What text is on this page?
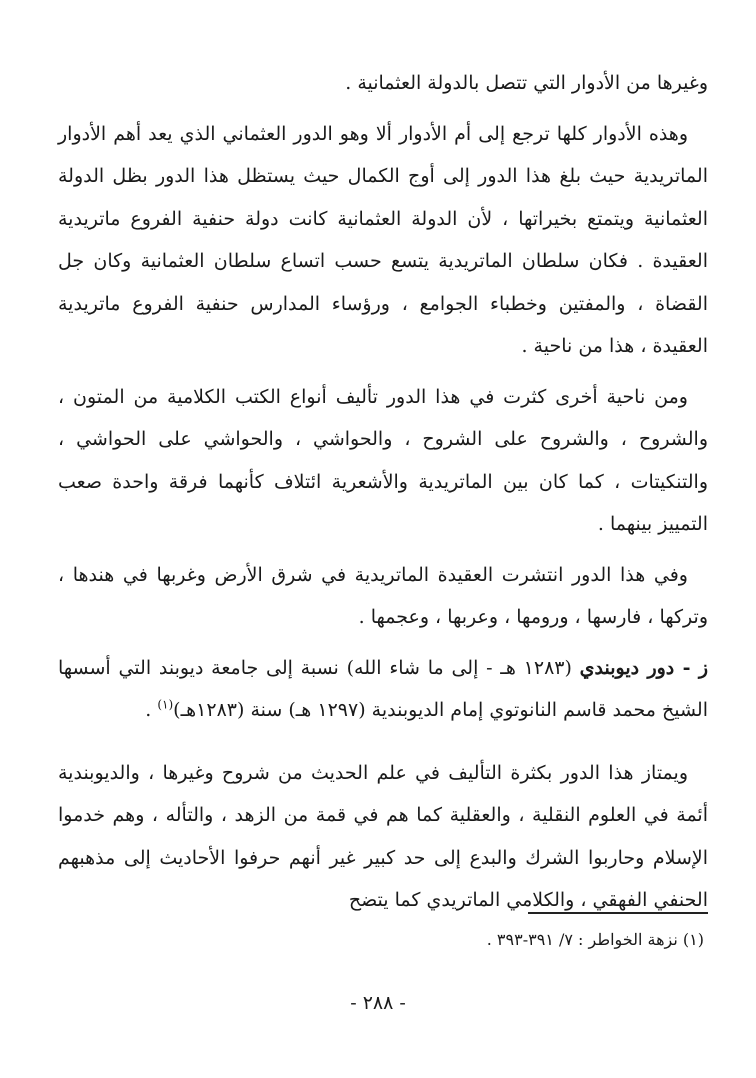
وغيرها من الأدوار التي تتصل بالدولة العثمانية .

وهذه الأدوار كلها ترجع إلى أم الأدوار ألا وهو الدور العثماني الذي يعد أهم الأدوار الماتريدية حيث بلغ هذا الدور إلى أوج الكمال حيث يستظل هذا الدور بظل الدولة العثمانية ويتمتع بخيراتها ، لأن الدولة العثمانية كانت دولة حنفية الفروع ماتريدية العقيدة . فكان سلطان الماتريدية يتسع حسب اتساع سلطان العثمانية وكان جل القضاة ، والمفتين وخطباء الجوامع ، ورؤساء المدارس حنفية الفروع ماتريدية العقيدة ، هذا من ناحية .

ومن ناحية أخرى كثرت في هذا الدور تأليف أنواع الكتب الكلامية من المتون ، والشروح ، والشروح على الشروح ، والحواشي ، والحواشي على الحواشي ، والتنكيتات ، كما كان بين الماتريدية والأشعرية ائتلاف كأنهما فرقة واحدة صعب التمييز بينهما .

وفي هذا الدور انتشرت العقيدة الماتريدية في شرق الأرض وغربها في هندها ، وتركها ، فارسها ، ورومها ، وعربها ، وعجمها .

ز - دور ديوبندي (١٢٨٣ هـ - إلى ما شاء الله) نسبة إلى جامعة ديوبند التي أسسها الشيخ محمد قاسم النانوتوي إمام الديوبندية (١٢٩٧ هـ) سنة (١٢٨٣هـ)$^{(١)}$ .

ويمتاز هذا الدور بكثرة التأليف في علم الحديث من شروح وغيرها ، والديوبندية أئمة في العلوم النقلية ، والعقلية كما هم في قمة من الزهد ، والتأله ، وهم خدموا الإسلام وحاربوا الشرك والبدع إلى حد كبير غير أنهم حرفوا الأحاديث إلى مذهبهم الحنفي الفهقي ، والكلامي الماتريدي كما يتضح

(١) نزهة الخواطر : ٧/ ٣٩١-٣٩٣ .
- ٢٨٨ -
